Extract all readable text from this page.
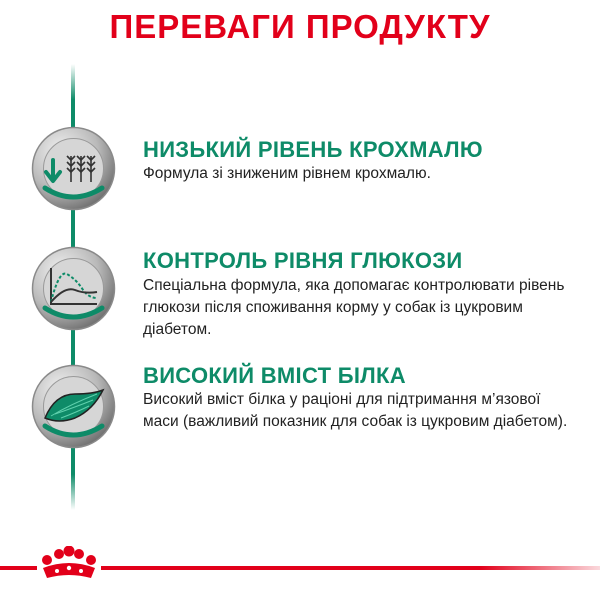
ПЕРЕВАГИ ПРОДУКТУ
НИЗЬКИЙ РІВЕНЬ КРОХМАЛЮ
Формула зі зниженим рівнем крохмалю.
КОНТРОЛЬ РІВНЯ ГЛЮКОЗИ
Спеціальна формула, яка допомагає контролювати рівень глюкози після споживання корму у собак із цукровим діабетом.
ВИСОКИЙ ВМІСТ БІЛКА
Високий вміст білка у раціоні для підтримання м’язової маси (важливий показник для собак із цукровим діабетом).
